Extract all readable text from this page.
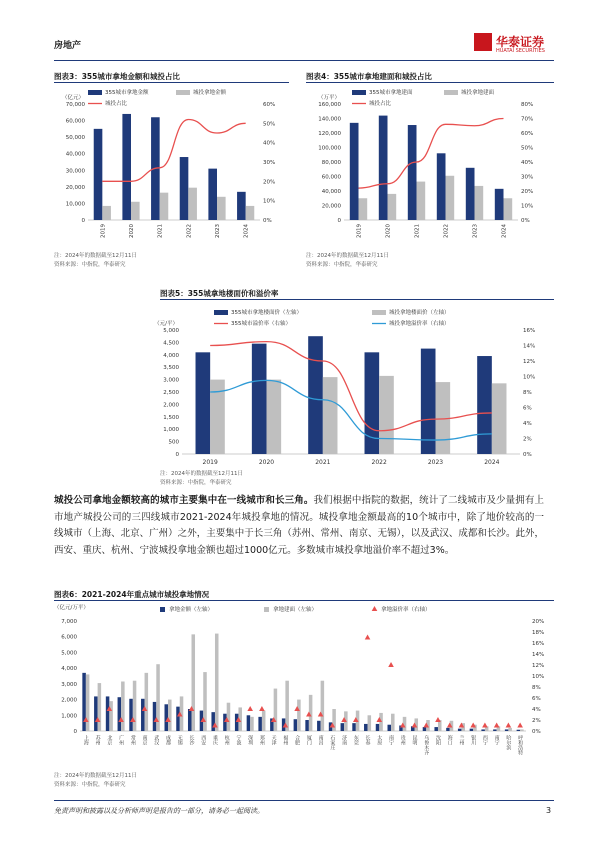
房地产	华泰证券
HUATAI SECURITIES
图表3：355城市拿地金额和城投占比
（亿元）
0
10,000
20,000
30,000
40,000
50,000
60,000
70,000
0%
10%
20%
30%
40%
50%
60%
2019	2020	2021	2022	2023	2024
355城市拿地金额	城投拿地金额
城投占比
注：2024年的数据截至12月11日
资料来源：中指院，华泰研究
图表4：355城市拿地建面和城投占比
（万平）
0
20,000
40,000
60,000
80,000
100,000
120,000
140,000
160,000
0%
10%
20%
30%
40%
50%
60%
70%
80%
2019	2020	2021	2022	2023	2024
355城市拿地建面	城投拿地建面
城投占比
注：2024年的数据截至12月11日
资料来源：中指院，华泰研究
图表5：355城拿地楼面价和溢价率
（元/平）
0
500
1,000
1,500
2,000
2,500
3,000
3,500
4,000
4,500
5,000
0%
2%
4%
6%
8%
10%
12%
14%
16%
2019	2020	2021	2022	2023	2024
355城市拿地楼面价（左轴）	城投拿地楼面价（左轴）
355城市溢价率（右轴）	城投拿地溢价率（右轴）
注：2024年的数据截至12月11日
资料来源：中指院，华泰研究
城投公司拿地金额较高的城市主要集中在一线城市和长三角。我们根据中指院的数据，统计了二线城市及少量拥有上市地产城投公司的三四线城市2021-2024年城投拿地的情况。城投拿地金额最高的10个城市中，除了地价较高的一线城市（上海、北京、广州）之外，主要集中于长三角（苏州、常州、南京、无锡），以及武汉、成都和长沙。此外，西安、重庆、杭州、宁波城投拿地金额也超过1000亿元。多数城市城投拿地溢价率不超过3%。
图表6：2021-2024年重点城市城投拿地情况
（亿元/万平）
0
1,000
2,000
3,000
4,000
5,000
6,000
7,000
0%
2%
4%
6%
8%
10%
12%
14%
16%
18%
20%
上海 苏州 北京 广州 常州 南京 武汉 成都 无锡 长沙 西安 重庆 杭州 宁波 深圳 郑州 天津 福州 合肥 厦门 南昌 石家庄 济南 东莞 长春 太原 南宁 贵州 昆明 乌鲁木齐 沈阳 海口 兰州 银川 西宁 南宁 哈尔滨 呼和浩特
拿地金额（左轴）	拿地建面（左轴）	拿地溢价率（右轴）
注：2024年的数据截至12月11日
资料来源：中指院，华泰研究
免责声明和披露以及分析师声明是报告的一部分，请务必一起阅读。	3
